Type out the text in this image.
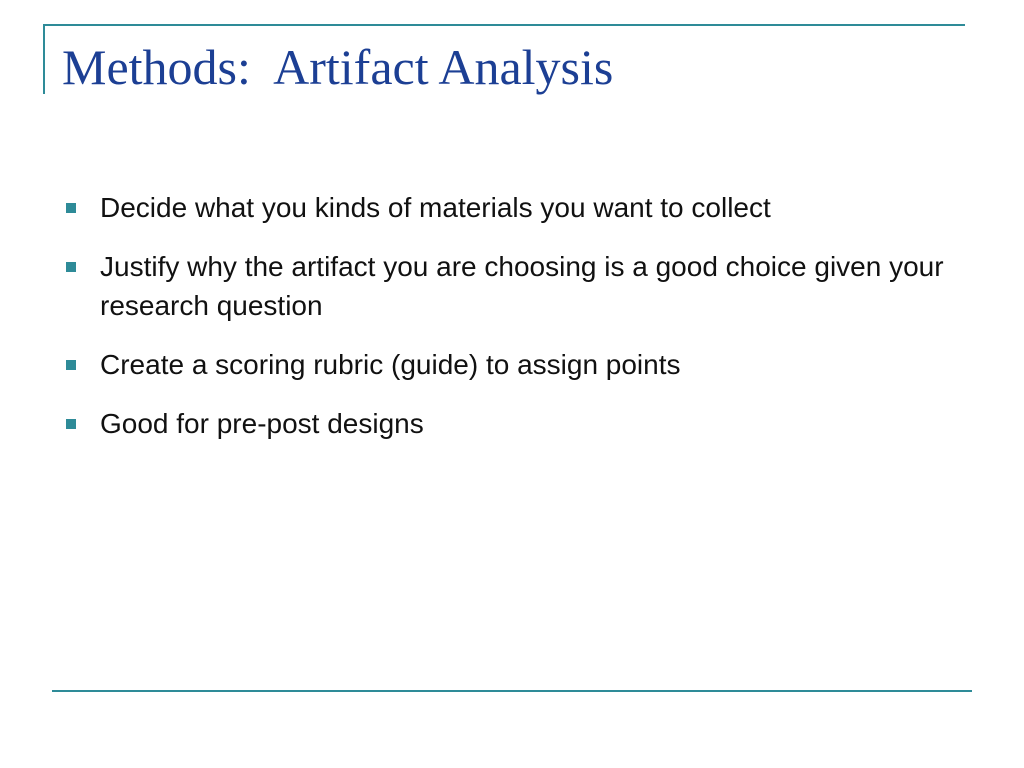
Methods:  Artifact Analysis
Decide what you kinds of materials you want to collect
Justify why the artifact you are choosing is a good choice given your research question
Create a scoring rubric (guide) to assign points
Good for pre-post designs
